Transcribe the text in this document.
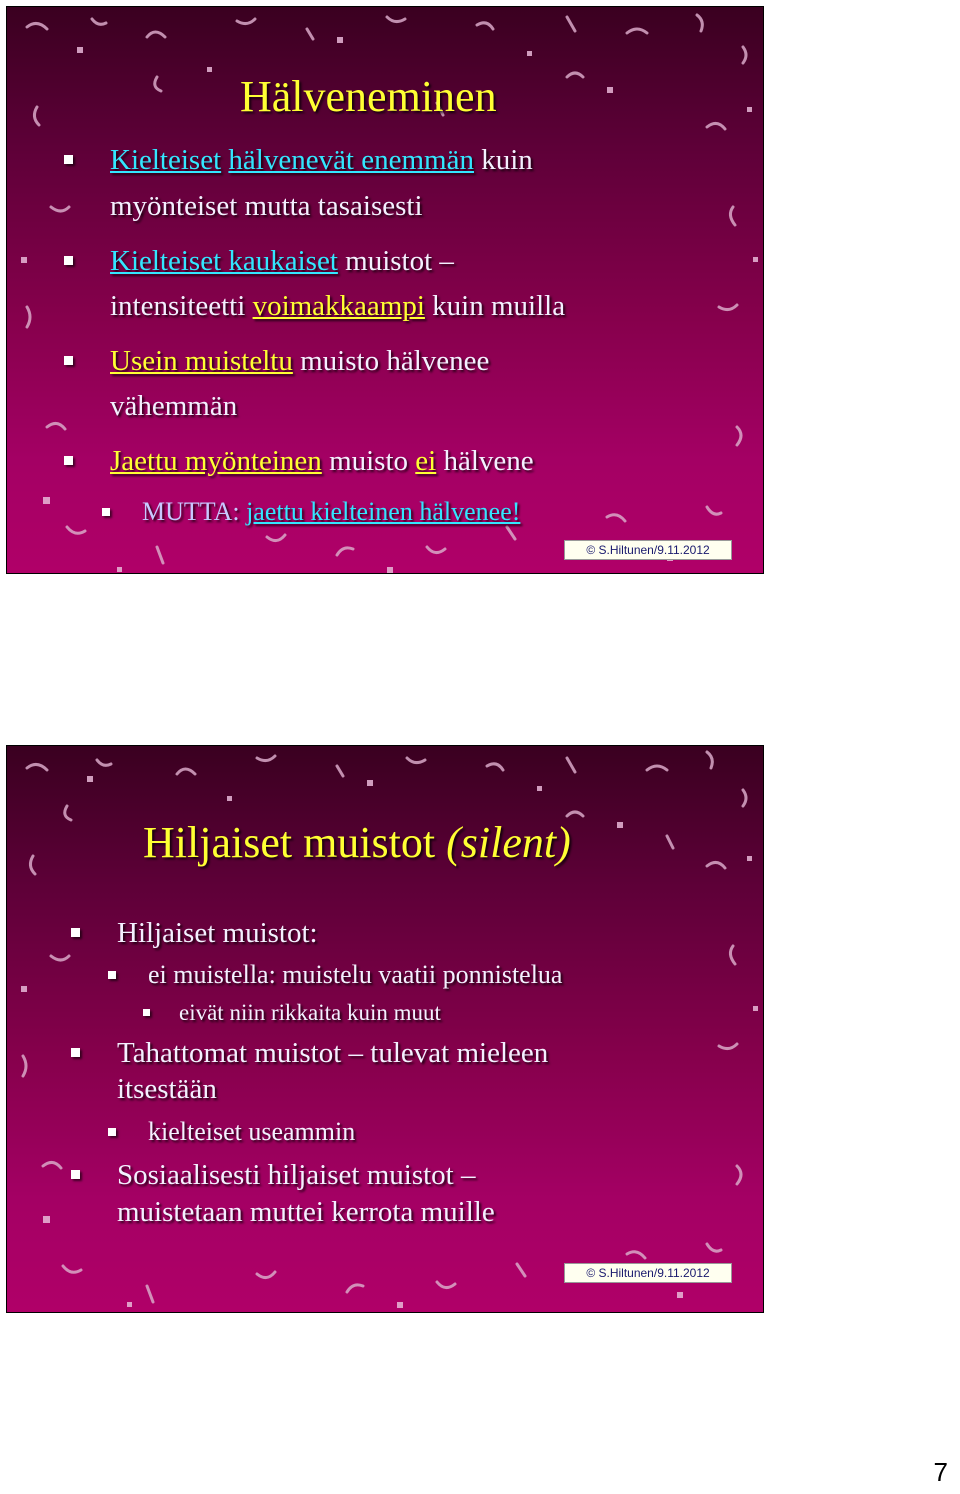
Hälveneminen
Kielteiset hälvenevät enemmän kuin
myönteiset mutta tasaisesti
Kielteiset kaukaiset muistot –
intensiteetti voimakkaampi kuin muilla
Usein muisteltu muisto hälvenee
vähemmän
Jaettu myönteinen muisto ei hälvene
MUTTA: jaettu kielteinen hälvenee!
© S.Hiltunen/9.11.2012
Hiljaiset muistot (silent)
Hiljaiset muistot:
ei muistella: muistelu vaatii ponnistelua
eivät niin rikkaita kuin muut
Tahattomat muistot – tulevat mieleen
itsestään
kielteiset useammin
Sosiaalisesti hiljaiset muistot –
muistetaan muttei kerrota muille
© S.Hiltunen/9.11.2012
7
